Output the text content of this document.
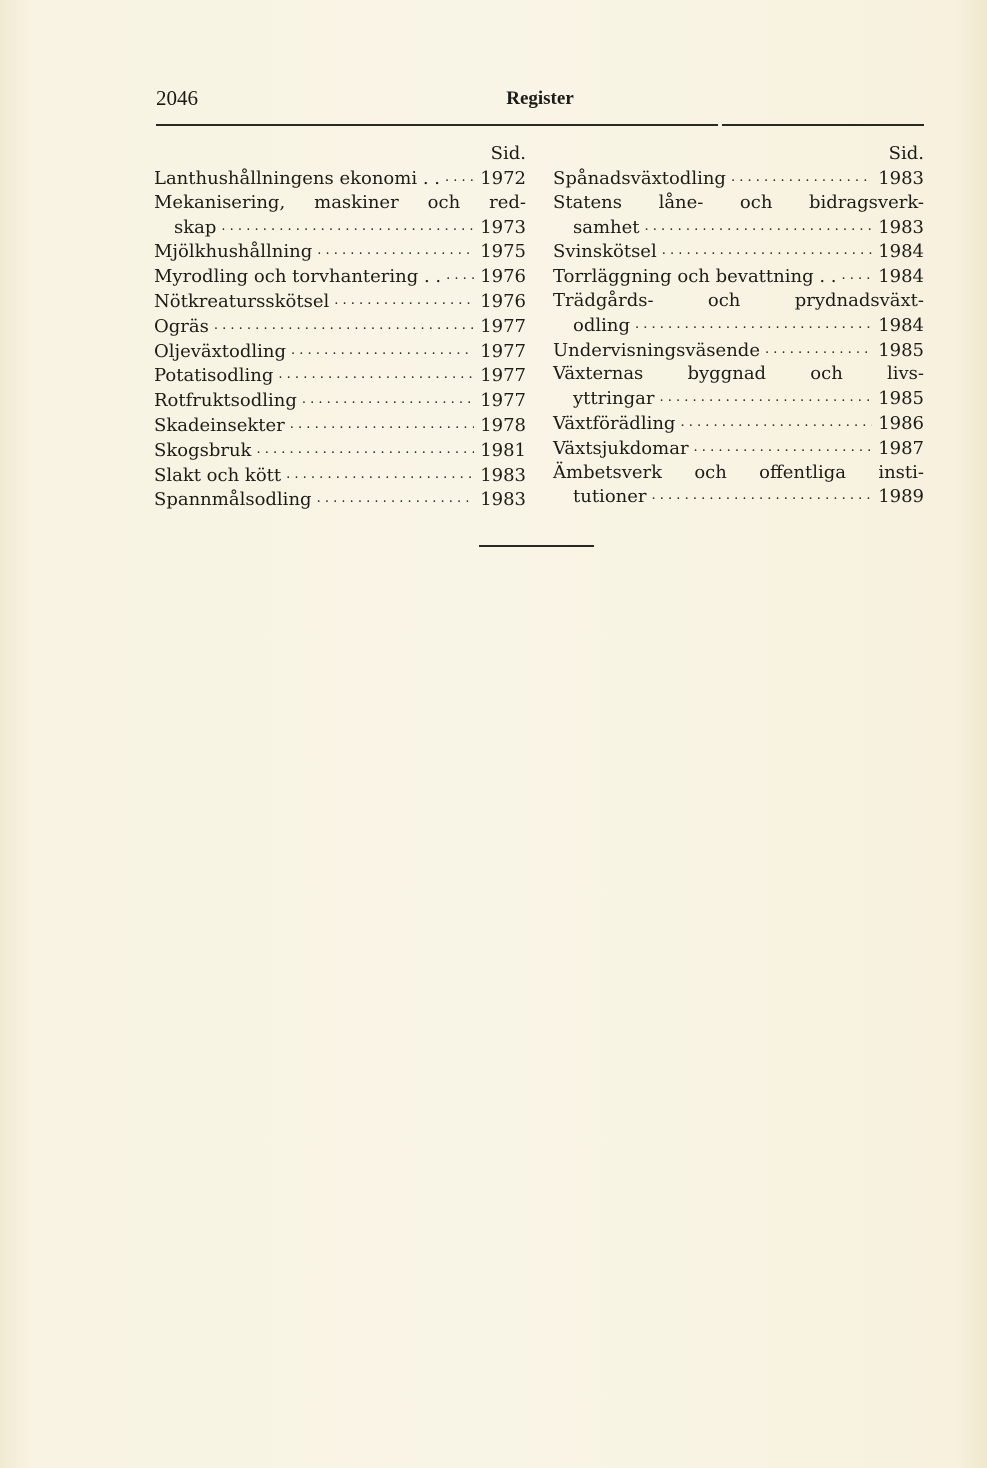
2046	Register
Sid.
Lanthushållningens ekonomi . . . . . 1972
Mekanisering, maskiner och red-
skap . . .	1973
Mjölkhushållning . . .	1975
Myrodling och torvhantering . . . . . 1976
Nötkreatursskötsel . . .	1976
Ogräs . . .	1977
Oljeväxtodling . . .	1977
Potatisodling . . .	1977
Rotfruktsodling . . .	1977
Skadeinsekter . . .	1978
Skogsbruk . . .	1981
Slakt och kött . . .	1983
Spannmålsodling . . .	1983
Sid.
Spånadsväxtodling . . .	1983
Statens låne- och bidragsverk-
samhet . . .	1983
Svinskötsel . . .	1984
Torrläggning och bevattning . . . . . 1984
Trädgårds- och prydnadsväxt-
odling . . .	1984
Undervisningsväsende . . .	1985
Växternas byggnad och livs-
yttringar . . .	1985
Växtförädling . . .	1986
Växtsjukdomar . . .	1987
Ämbetsverk och offentliga insti-
tutioner . . .	1989
